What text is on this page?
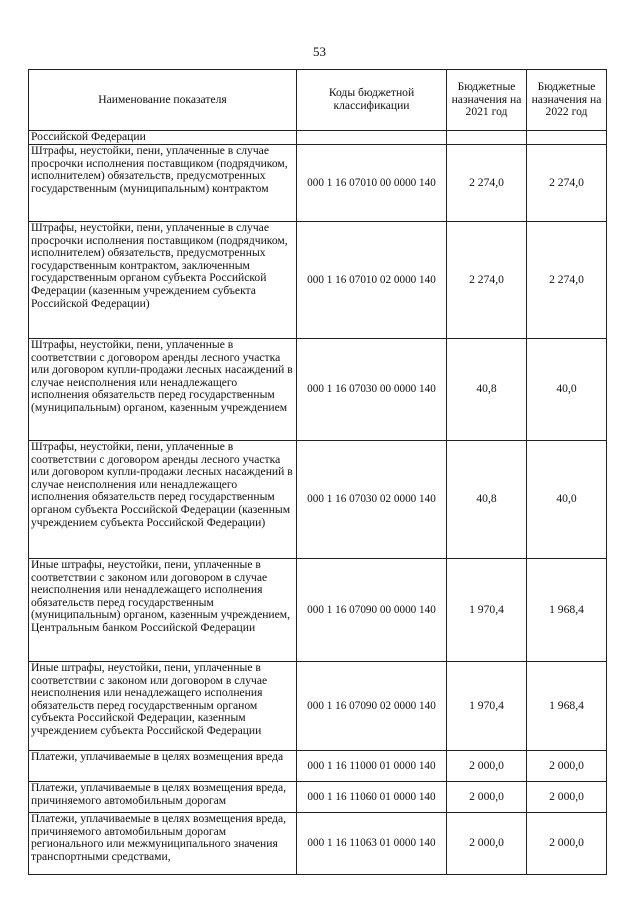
53
Наименование показателя	Коды бюджетной классификации	Бюджетные назначения на 2021 год	Бюджетные назначения на 2022 год
Российской Федерации			
Штрафы, неустойки, пени, уплаченные в случае просрочки исполнения поставщиком (подрядчиком, исполнителем) обязательств, предусмотренных государственным (муниципальным) контрактом	000 1 16 07010 00 0000 140	2 274,0	2 274,0
Штрафы, неустойки, пени, уплаченные в случае просрочки исполнения поставщиком (подрядчиком, исполнителем) обязательств, предусмотренных государственным контрактом, заключенным государственным органом субъекта Российской Федерации (казенным учреждением субъекта Российской Федерации)	000 1 16 07010 02 0000 140	2 274,0	2 274,0
Штрафы, неустойки, пени, уплаченные в соответствии с договором аренды лесного участка или договором купли-продажи лесных насаждений в случае неисполнения или ненадлежащего исполнения обязательств перед государственным (муниципальным) органом, казенным учреждением	000 1 16 07030 00 0000 140	40,8	40,0
Штрафы, неустойки, пени, уплаченные в соответствии с договором аренды лесного участка или договором купли-продажи лесных насаждений в случае неисполнения или ненадлежащего исполнения обязательств перед государственным органом субъекта Российской Федерации (казенным учреждением субъекта Российской Федерации)	000 1 16 07030 02 0000 140	40,8	40,0
Иные штрафы, неустойки, пени, уплаченные в соответствии с законом или договором в случае неисполнения или ненадлежащего исполнения обязательств перед государственным (муниципальным) органом, казенным учреждением, Центральным банком Российской Федерации	000 1 16 07090 00 0000 140	1 970,4	1 968,4
Иные штрафы, неустойки, пени, уплаченные в соответствии с законом или договором в случае неисполнения или ненадлежащего исполнения обязательств перед государственным органом субъекта Российской Федерации, казенным учреждением субъекта Российской Федерации	000 1 16 07090 02 0000 140	1 970,4	1 968,4
Платежи, уплачиваемые в целях возмещения вреда	000 1 16 11000 01 0000 140	2 000,0	2 000,0
Платежи, уплачиваемые в целях возмещения вреда, причиняемого автомобильным дорогам	000 1 16 11060 01 0000 140	2 000,0	2 000,0
Платежи, уплачиваемые в целях возмещения вреда, причиняемого автомобильным дорогам регионального или межмуниципального значения транспортными средствами,	000 1 16 11063 01 0000 140	2 000,0	2 000,0
